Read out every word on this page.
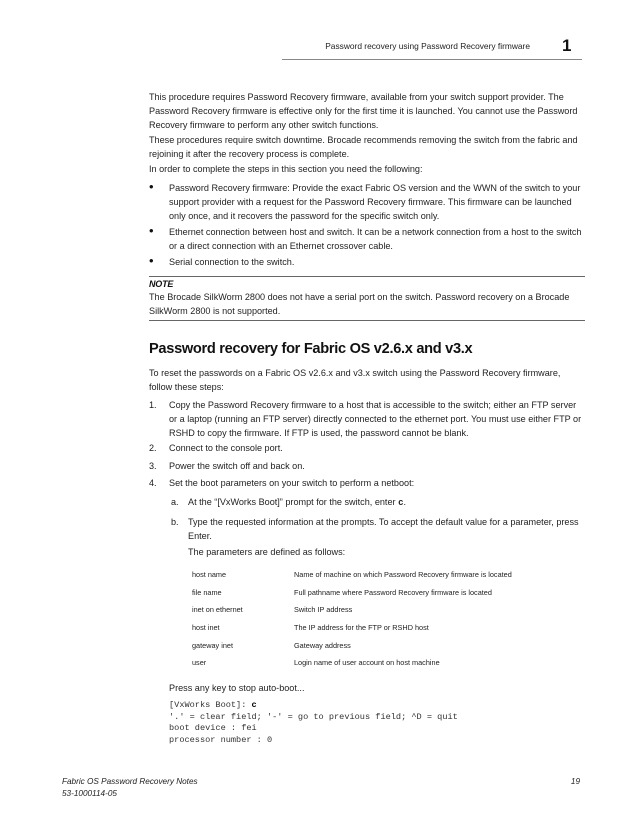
Password recovery using Password Recovery firmware 1

This procedure requires Password Recovery firmware, available from your switch support provider. The Password Recovery firmware is effective only for the first time it is launched. You cannot use the Password Recovery firmware to perform any other switch functions.

These procedures require switch downtime. Brocade recommends removing the switch from the fabric and rejoining it after the recovery process is complete.

In order to complete the steps in this section you need the following:

•	Password Recovery firmware: Provide the exact Fabric OS version and the WWN of the switch to your support provider with a request for the Password Recovery firmware. This firmware can be launched only once, and it recovers the password for the specific switch only.

•	Ethernet connection between host and switch. It can be a network connection from a host to the switch or a direct connection with an Ethernet crossover cable.

•	Serial connection to the switch.

NOTE

The Brocade SilkWorm 2800 does not have a serial port on the switch. Password recovery on a Brocade SilkWorm 2800 is not supported.

Password recovery for Fabric OS v2.6.x and v3.x

To reset the passwords on a Fabric OS v2.6.x and v3.x switch using the Password Recovery firmware, follow these steps:

1. Copy the Password Recovery firmware to a host that is accessible to the switch; either an FTP server or a laptop (running an FTP server) directly connected to the ethernet port. You must use either FTP or RSHD to copy the firmware. If FTP is used, the password cannot be blank.

2. Connect to the console port.

3. Power the switch off and back on.

4. Set the boot parameters on your switch to perform a netboot:

a. At the “[VxWorks Boot]” prompt for the switch, enter c.

b. Type the requested information at the prompts. To accept the default value for a parameter, press Enter.

The parameters are defined as follows:

host name	Name of machine on which Password Recovery firmware is located
file name	Full pathname where Password Recovery firmware is located
inet on ethernet	Switch IP address
host inet	The IP address for the FTP or RSHD host
gateway inet	Gateway address
user	Login name of user account on host machine

Press any key to stop auto-boot...

[VxWorks Boot]: c
'.' = clear field; '-' = go to previous field; ^D = quit
boot device : fei
processor number : 0
Fabric OS Password Recovery Notes
53-1000114-05
19
